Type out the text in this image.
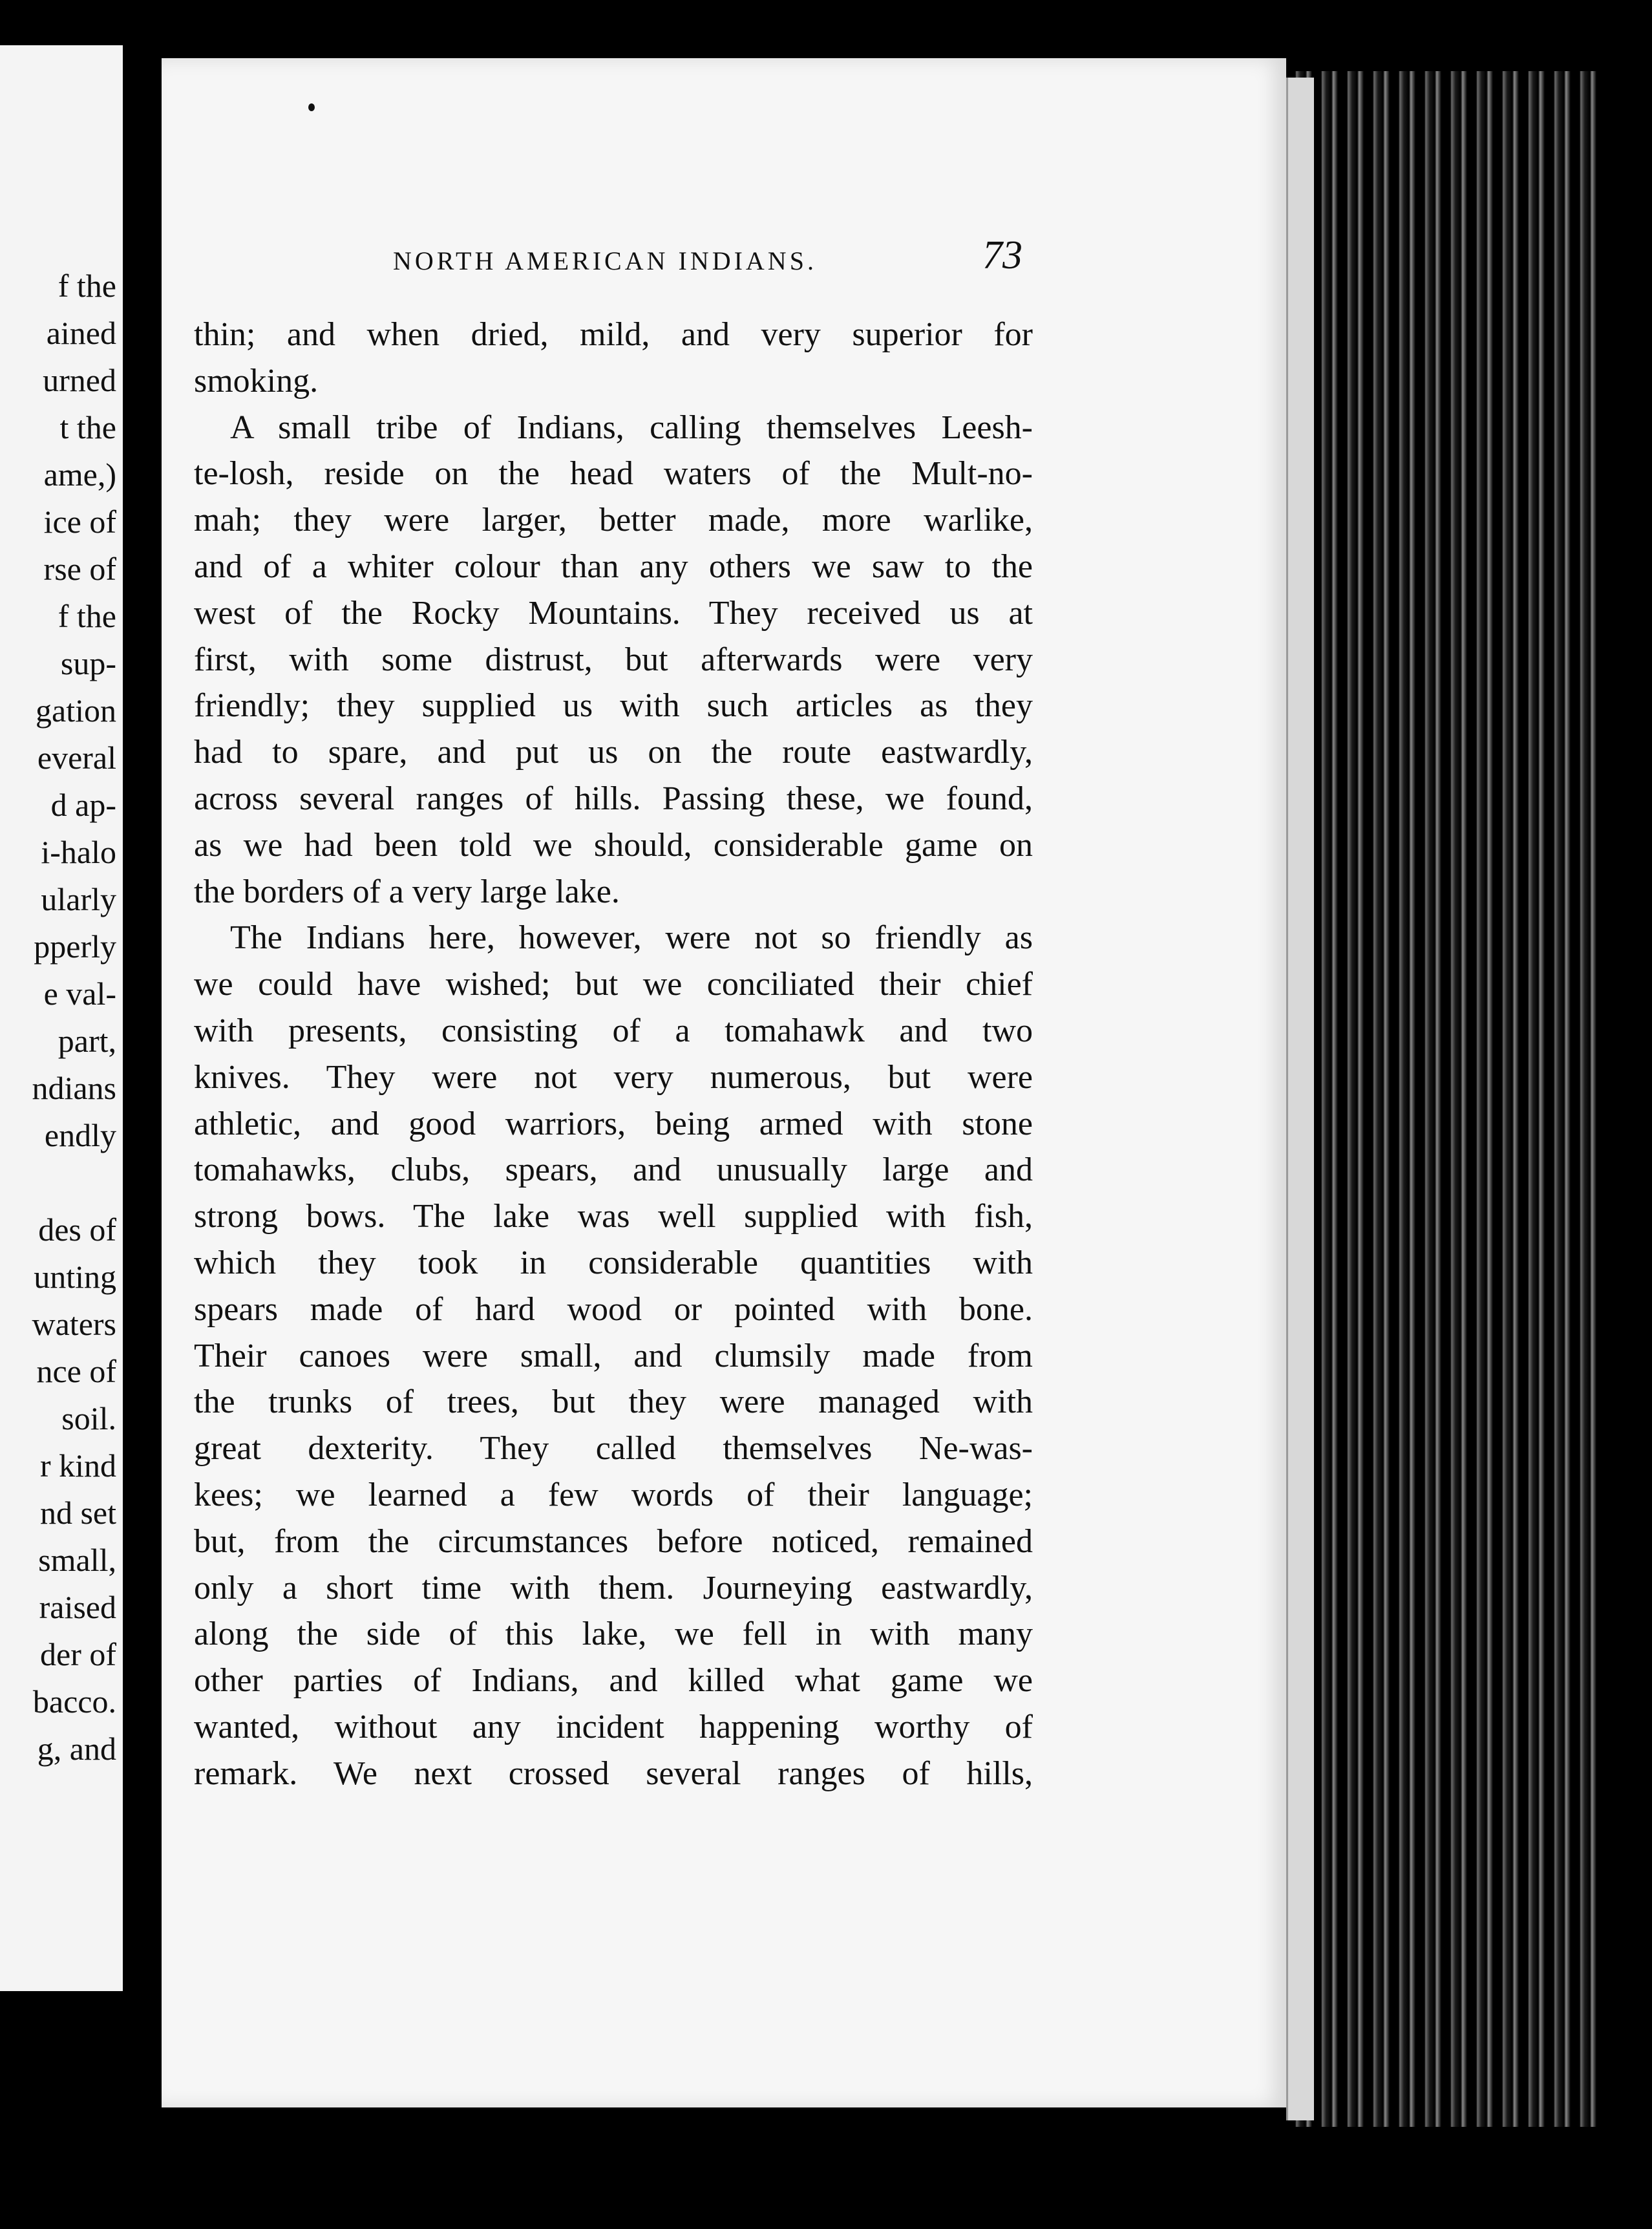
f the
ained
urned
t the
ame,)
ice of
rse of
f the
sup-
gation
everal
d ap-
i-halo
ularly
pperly
e val-
part,
ndians
endly
des of
unting
waters
nce of
soil.
r kind
nd set
small,
raised
der of
bacco.
g, and
NORTH AMERICAN INDIANS.	73
thin; and when dried, mild, and very superior for
smoking.
A small tribe of Indians, calling themselves Leesh-
te-losh, reside on the head waters of the Mult-no-
mah; they were larger, better made, more warlike,
and of a whiter colour than any others we saw to the
west of the Rocky Mountains. They received us at
first, with some distrust, but afterwards were very
friendly; they supplied us with such articles as they
had to spare, and put us on the route eastwardly,
across several ranges of hills. Passing these, we found,
as we had been told we should, considerable game on
the borders of a very large lake.
The Indians here, however, were not so friendly as
we could have wished; but we conciliated their chief
with presents, consisting of a tomahawk and two
knives. They were not very numerous, but were
athletic, and good warriors, being armed with stone
tomahawks, clubs, spears, and unusually large and
strong bows. The lake was well supplied with fish,
which they took in considerable quantities with
spears made of hard wood or pointed with bone.
Their canoes were small, and clumsily made from
the trunks of trees, but they were managed with
great dexterity. They called themselves Ne-was-
kees; we learned a few words of their language;
but, from the circumstances before noticed, remained
only a short time with them. Journeying eastwardly,
along the side of this lake, we fell in with many
other parties of Indians, and killed what game we
wanted, without any incident happening worthy of
remark. We next crossed several ranges of hills,
